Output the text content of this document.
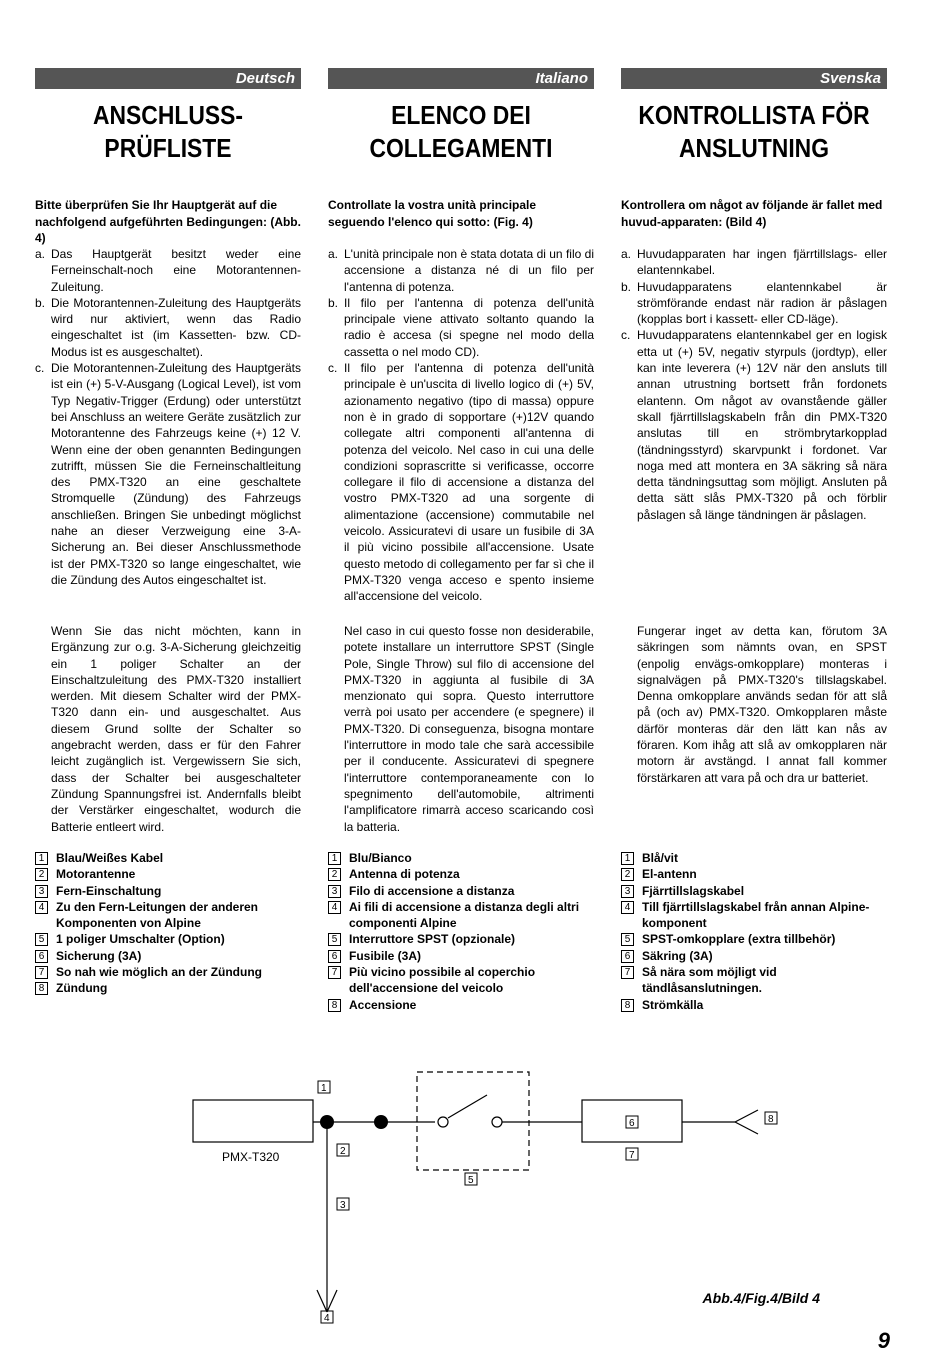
Deutsch
ANSCHLUSS-
PRÜFLISTE
Bitte überprüfen Sie Ihr Hauptgerät auf die nachfolgend aufgeführten Bedingungen: (Abb. 4)
a. Das Hauptgerät besitzt weder eine Ferneinschalt-noch eine Motorantennen-Zuleitung.
b. Die Motorantennen-Zuleitung des Hauptgeräts wird nur aktiviert, wenn das Radio eingeschaltet ist (im Kassetten- bzw. CD-Modus ist es ausgeschaltet).
c. Die Motorantennen-Zuleitung des Hauptgeräts ist ein (+) 5-V-Ausgang (Logical Level), ist vom Typ Negativ-Trigger (Erdung) oder unterstützt bei Anschluss an weitere Geräte zusätzlich zur Motorantenne des Fahrzeugs keine (+) 12 V. Wenn eine der oben genannten Bedingungen zutrifft, müssen Sie die Ferneinschaltleitung des PMX-T320 an eine geschaltete Stromquelle (Zündung) des Fahrzeugs anschließen. Bringen Sie unbedingt möglichst nahe an dieser Verzweigung eine 3-A-Sicherung an. Bei dieser Anschlussmethode ist der PMX-T320 so lange eingeschaltet, wie die Zündung des Autos eingeschaltet ist.
Wenn Sie das nicht möchten, kann in Ergänzung zur o.g. 3-A-Sicherung gleichzeitig ein 1 poliger Schalter an der Einschaltzuleitung des PMX-T320 installiert werden. Mit diesem Schalter wird der PMX-T320 dann ein- und ausgeschaltet. Aus diesem Grund sollte der Schalter so angebracht werden, dass er für den Fahrer leicht zugänglich ist. Vergewissern Sie sich, dass der Schalter bei ausgeschalteter Zündung Spannungsfrei ist. Andernfalls bleibt der Verstärker eingeschaltet, wodurch die Batterie entleert wird.
1 Blau/Weißes Kabel
2 Motorantenne
3 Fern-Einschaltung
4 Zu den Fern-Leitungen der anderen Komponenten von Alpine
5 1 poliger Umschalter (Option)
6 Sicherung (3A)
7 So nah wie möglich an der Zündung
8 Zündung
Italiano
ELENCO DEI
COLLEGAMENTI
Controllate la vostra unità principale seguendo l'elenco qui sotto: (Fig. 4)
a. L'unità principale non è stata dotata di un filo di accensione a distanza né di un filo per l'antenna di potenza.
b. Il filo per l'antenna di potenza dell'unità principale viene attivato soltanto quando la radio è accesa (si spegne nel modo della cassetta o nel modo CD).
c. Il filo per l'antenna di potenza dell'unità principale è un'uscita di livello logico di (+) 5V, azionamento negativo (tipo di massa) oppure non è in grado di sopportare (+)12V quando collegate altri componenti all'antenna di potenza del veicolo. Nel caso in cui una delle condizioni soprascritte si verificasse, occorre collegare il filo di accensione a distanza del vostro PMX-T320 ad una sorgente di alimentazione (accensione) commutabile nel veicolo. Assicuratevi di usare un fusibile di 3A il più vicino possibile all'accensione. Usate questo metodo di collegamento per far sì che il PMX-T320 venga acceso e spento insieme all'accensione del veicolo.
Nel caso in cui questo fosse non desiderabile, potete installare un interruttore SPST (Single Pole, Single Throw) sul filo di accensione del PMX-T320 in aggiunta al fusibile di 3A menzionato qui sopra. Questo interruttore verrà poi usato per accendere (e spegnere) il PMX-T320. Di conseguenza, bisogna montare l'interruttore in modo tale che sarà accessibile per il conducente. Assicuratevi di spegnere l'interruttore contemporaneamente con lo spegnimento dell'automobile, altrimenti l'amplificatore rimarrà acceso scaricando così la batteria.
1 Blu/Bianco
2 Antenna di potenza
3 Filo di accensione a distanza
4 Ai fili di accensione a distanza degli altri componenti Alpine
5 Interruttore SPST (opzionale)
6 Fusibile (3A)
7 Più vicino possibile al coperchio dell'accensione del veicolo
8 Accensione
Svenska
KONTROLLISTA FÖR
ANSLUTNING
Kontrollera om något av följande är fallet med huvud-apparaten: (Bild 4)
a. Huvudapparaten har ingen fjärrtillslags- eller elantennkabel.
b. Huvudapparatens elantennkabel är strömförande endast när radion är påslagen (kopplas bort i kassett- eller CD-läge).
c. Huvudapparatens elantennkabel ger en logisk etta ut (+) 5V, negativ styrpuls (jordtyp), eller kan inte leverera (+) 12V när den ansluts till annan utrustning bortsett från fordonets elantenn. Om något av ovanstående gäller skall fjärrtillslagskabeln från din PMX-T320 anslutas till en strömbrytarkopplad (tändningsstyrd) skarvpunkt i fordonet. Var noga med att montera en 3A säkring så nära detta tändningsuttag som möjligt. Ansluten på detta sätt slås PMX-T320 på och förblir påslagen så länge tändningen är påslagen.
Fungerar inget av detta kan, förutom 3A säkringen som nämnts ovan, en SPST (enpolig envägs-omkopplare) monteras i signalvägen på PMX-T320's tillslagskabel. Denna omkopplare används sedan för att slå på (och av) PMX-T320. Omkopplaren måste därför monteras där den lätt kan nås av föraren. Kom ihåg att slå av omkopplaren när motorn är avstängd. I annat fall kommer förstärkaren att vara på och dra ur batteriet.
1 Blå/vit
2 El-antenn
3 Fjärrtillslagskabel
4 Till fjärrtillslagskabel från annan Alpine-komponent
5 SPST-omkopplare (extra tillbehör)
6 Säkring (3A)
7 Så nära som möjligt vid tändlåsanslutningen.
8 Strömkälla
PMX-T320
1
2
3
4
5
6
7
8
Abb.4/Fig.4/Bild 4
9
